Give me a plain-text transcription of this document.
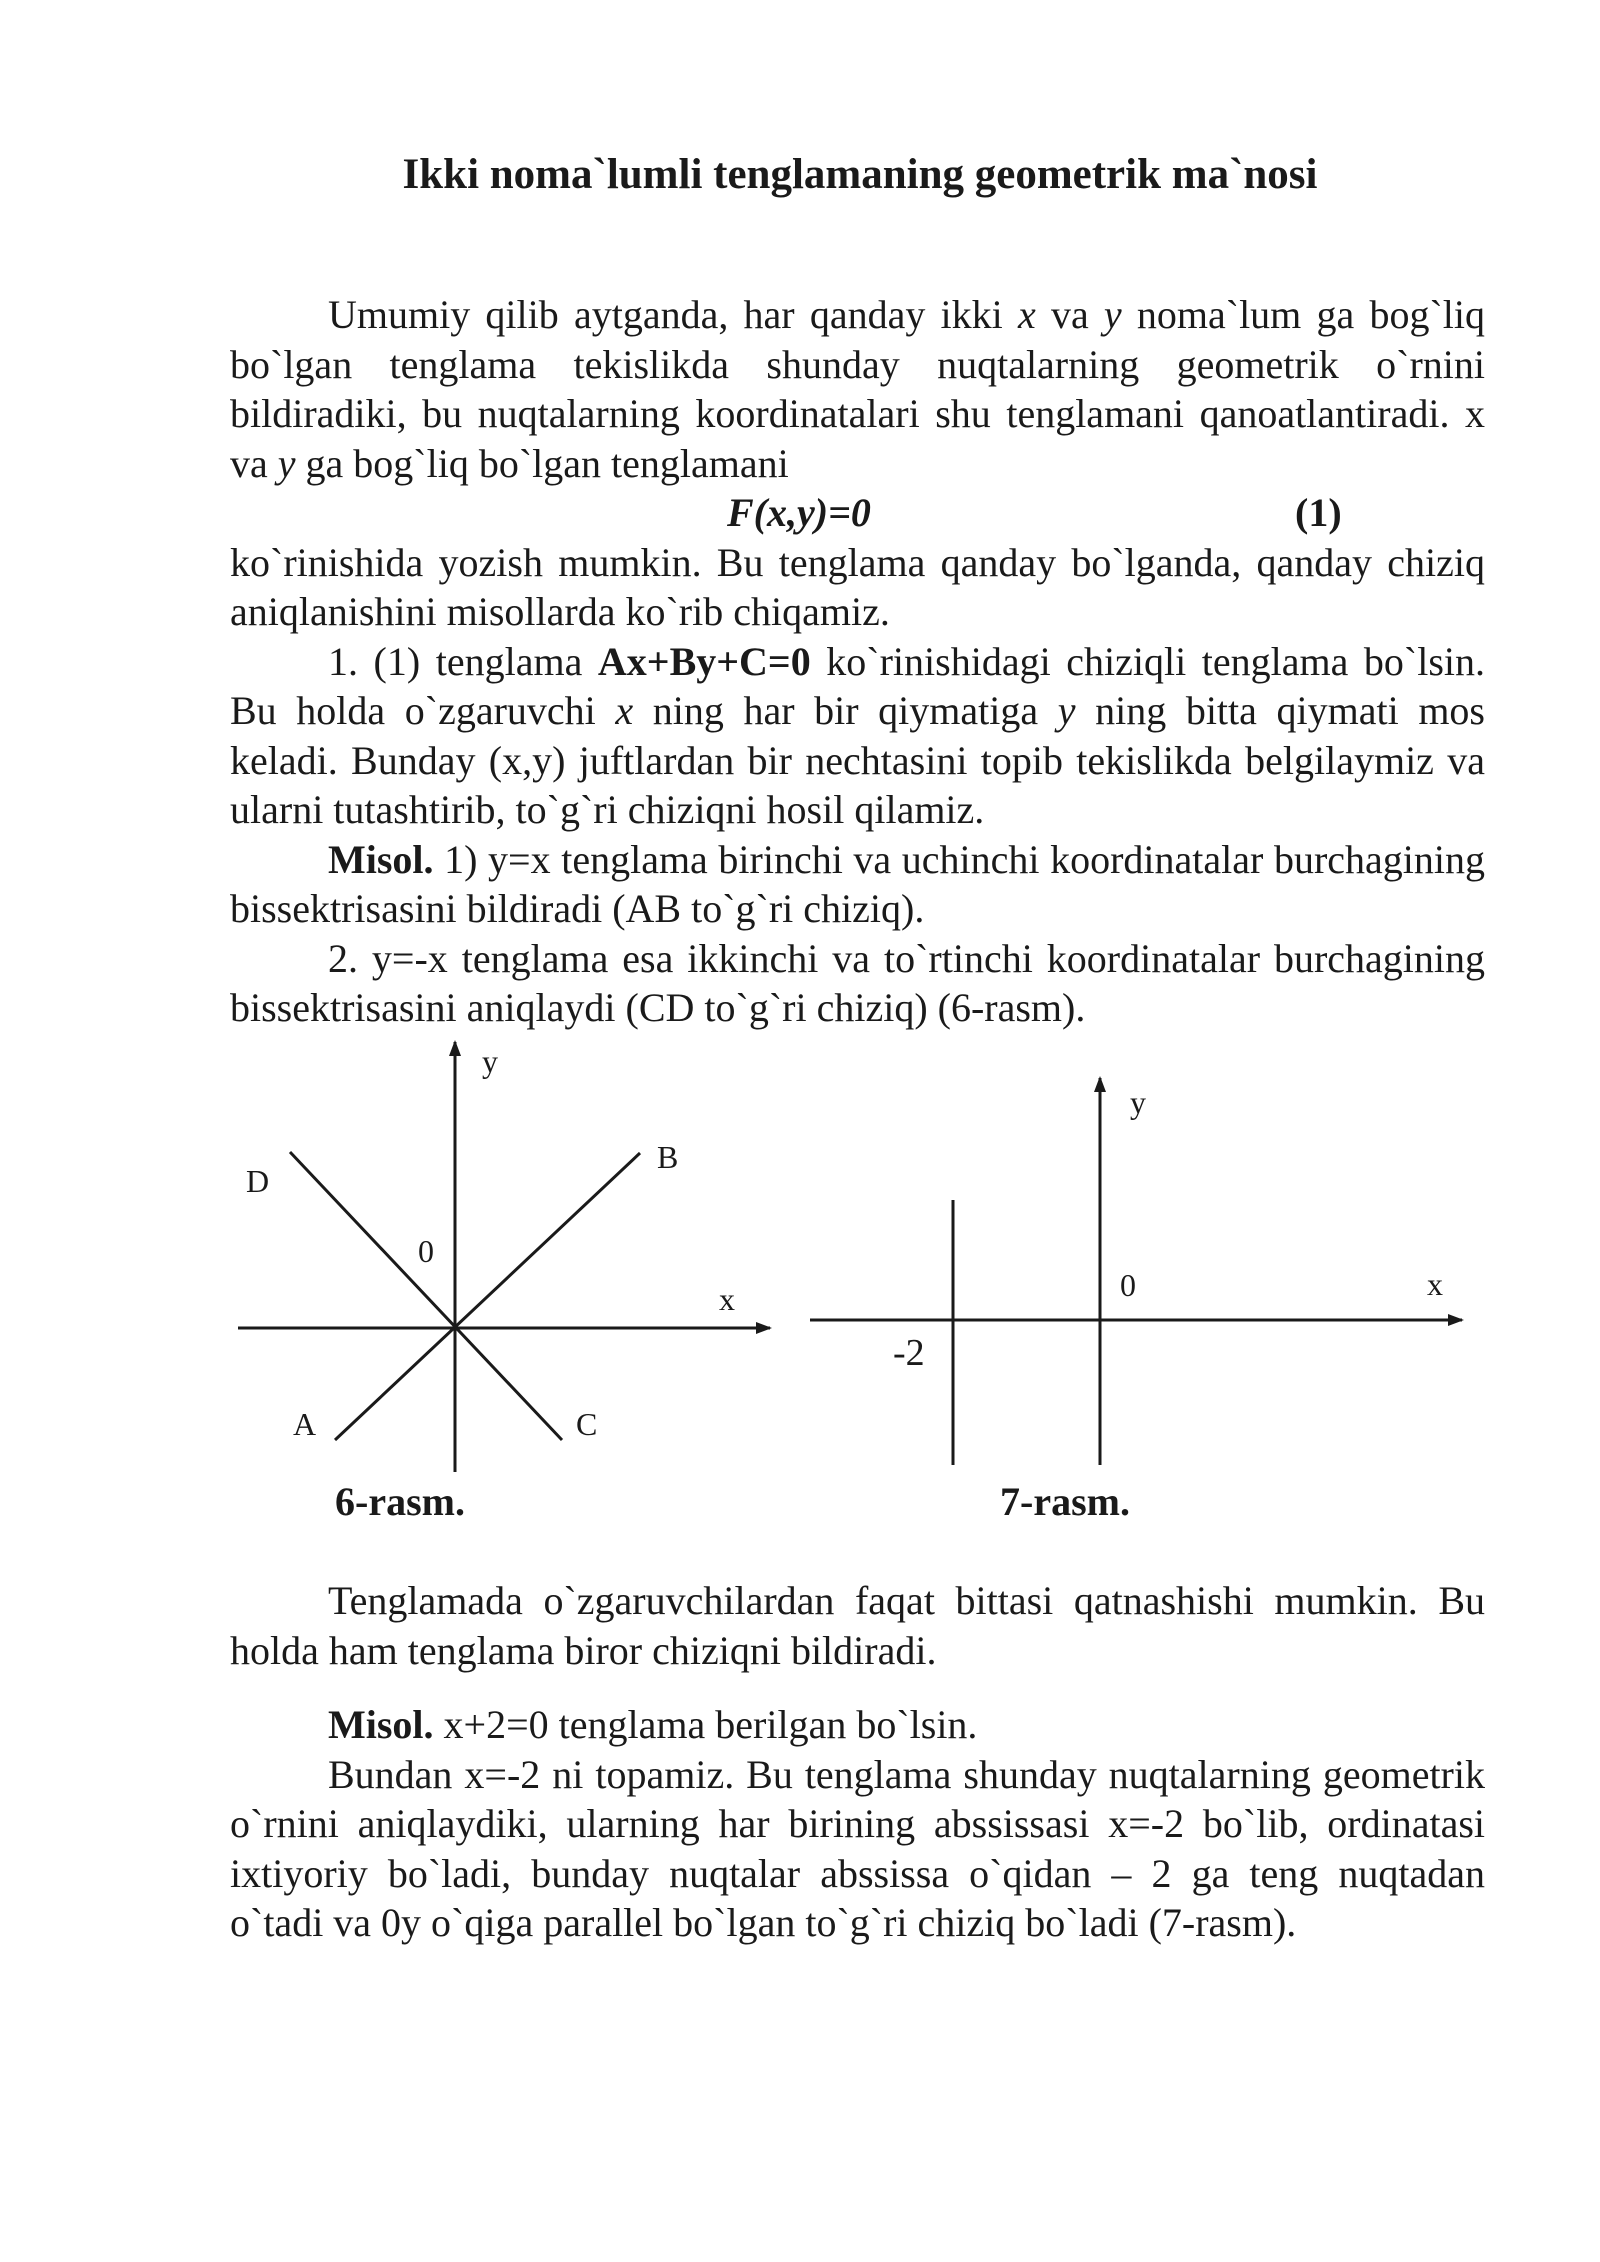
Ikki noma`lumli tenglamaning geometrik ma`nosi

Umumiy qilib aytganda, har qanday ikki x va y noma`lum ga bog`liq bo`lgan tenglama tekislikda shunday nuqtalarning geometrik o`rnini bildiradiki, bu nuqtalarning koordinatalari shu tenglamani qanoatlantiradi. x va y ga bog`liq bo`lgan tenglamani

F(x,y)=0	(1)

ko`rinishida yozish mumkin. Bu tenglama qanday bo`lganda, qanday chiziq aniqlanishini misollarda ko`rib chiqamiz.

1. (1) tenglama Ax+By+C=0 ko`rinishidagi chiziqli tenglama bo`lsin. Bu holda o`zgaruvchi x ning har bir qiymatiga y ning bitta qiymati mos keladi. Bunday (x,y) juftlardan bir nechtasini topib tekislikda belgilaymiz va ularni tutashtirib, to`g`ri chiziqni hosil qilamiz.

Misol. 1) y=x tenglama birinchi va uchinchi koordinatalar burchagining bissektrisasini bildiradi (AB to`g`ri chiziq).

2. y=-x tenglama esa ikkinchi va to`rtinchi koordinatalar burchagining bissektrisasini aniqlaydi (CD to`g`ri chiziq) (6-rasm).

y
B
D
0
x
A	C
6-rasm.
y
0	x
-2
7-rasm.

Tenglamada o`zgaruvchilardan faqat bittasi qatnashishi mumkin. Bu holda ham tenglama biror chiziqni bildiradi.

Misol. x+2=0 tenglama berilgan bo`lsin.

Bundan x=-2 ni topamiz. Bu tenglama shunday nuqtalarning geometrik o`rnini aniqlaydiki, ularning har birining abssissasi x=-2 bo`lib, ordinatasi ixtiyoriy bo`ladi, bunday nuqtalar abssissa o`qidan – 2 ga teng nuqtadan o`tadi va 0y o`qiga parallel bo`lgan to`g`ri chiziq bo`ladi (7-rasm).
